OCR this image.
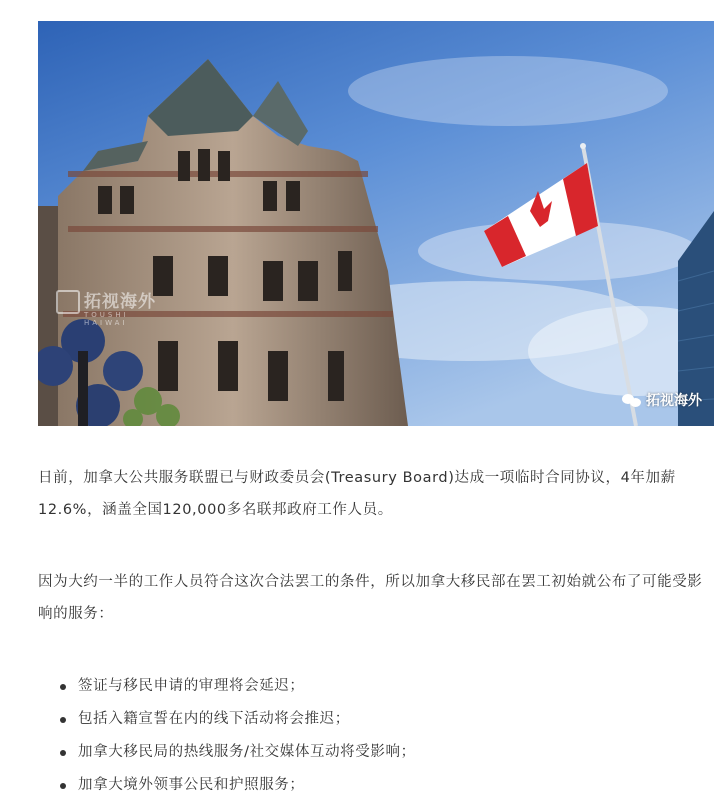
拓视海外
TOUSHI HAIWAI
拓视海外

日前，加拿大公共服务联盟已与财政委员会(Treasury Board)达成一项临时合同协议，4年加薪12.6%，涵盖全国120,000多名联邦政府工作人员。

因为大约一半的工作人员符合这次合法罢工的条件，所以加拿大移民部在罢工初始就公布了可能受影响的服务：

签证与移民申请的审理将会延迟；
包括入籍宣誓在内的线下活动将会推迟；
加拿大移民局的热线服务/社交媒体互动将受影响；
加拿大境外领事公民和护照服务；
